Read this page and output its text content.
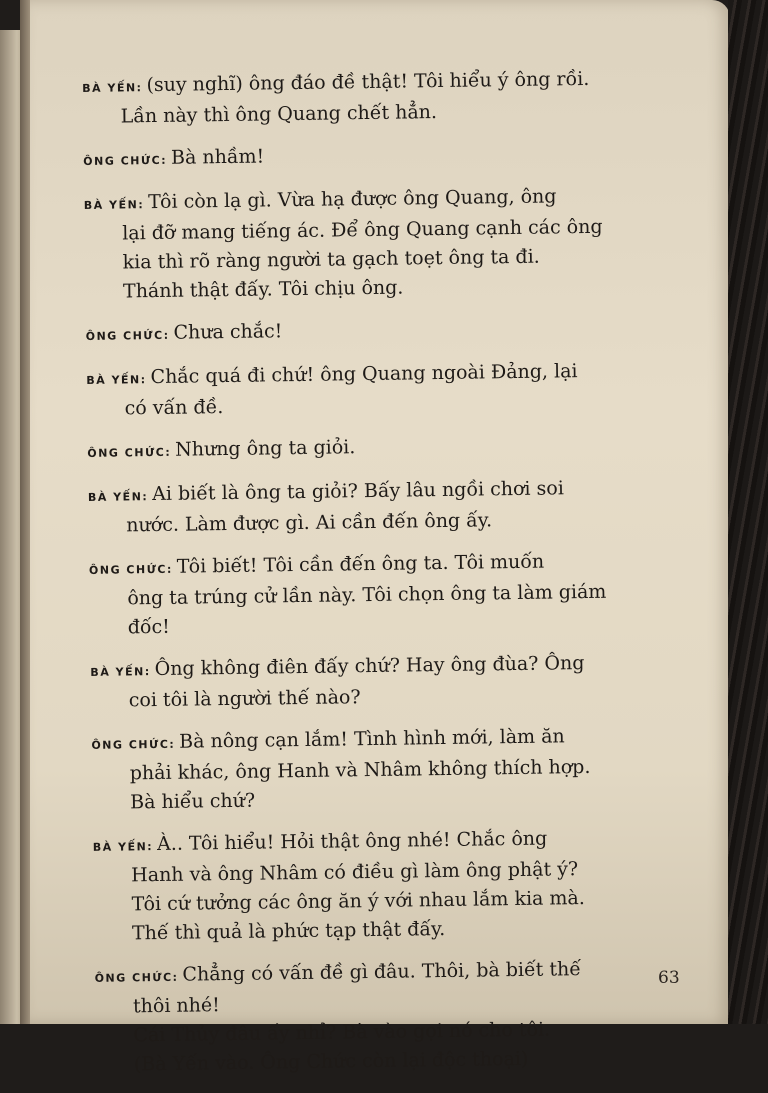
BÀ YẾN: (suy nghĩ) ông đáo đề thật! Tôi hiểu ý ông rồi.
Lần này thì ông Quang chết hẳn.
ÔNG CHỨC: Bà nhầm!
BÀ YẾN: Tôi còn lạ gì. Vừa hạ được ông Quang, ông
lại đỡ mang tiếng ác. Để ông Quang cạnh các ông
kia thì rõ ràng người ta gạch toẹt ông ta đi.
Thánh thật đấy. Tôi chịu ông.
ÔNG CHỨC: Chưa chắc!
BÀ YẾN: Chắc quá đi chứ! ông Quang ngoài Đảng, lại
có vấn đề.
ÔNG CHỨC: Nhưng ông ta giỏi.
BÀ YẾN: Ai biết là ông ta giỏi? Bấy lâu ngồi chơi soi
nước. Làm được gì. Ai cần đến ông ấy.
ÔNG CHỨC: Tôi biết! Tôi cần đến ông ta. Tôi muốn
ông ta trúng cử lần này. Tôi chọn ông ta làm giám
đốc!
BÀ YẾN: Ông không điên đấy chứ? Hay ông đùa? Ông
coi tôi là người thế nào?
ÔNG CHỨC: Bà nông cạn lắm! Tình hình mới, làm ăn
phải khác, ông Hanh và Nhâm không thích hợp.
Bà hiểu chứ?
BÀ YẾN: À.. Tôi hiểu! Hỏi thật ông nhé! Chắc ông
Hanh và ông Nhâm có điều gì làm ông phật ý?
Tôi cứ tưởng các ông ăn ý với nhau lắm kia mà.
Thế thì quả là phức tạp thật đấy.
ÔNG CHỨC: Chẳng có vấn đề gì đâu. Thôi, bà biết thế
thôi nhé!
Cái Thủy đâu ấy nhỉ? Bà vào gọi nó cho tôi.
(Bà Yến vào. Ông Chức còn lại độc thoại)
63
